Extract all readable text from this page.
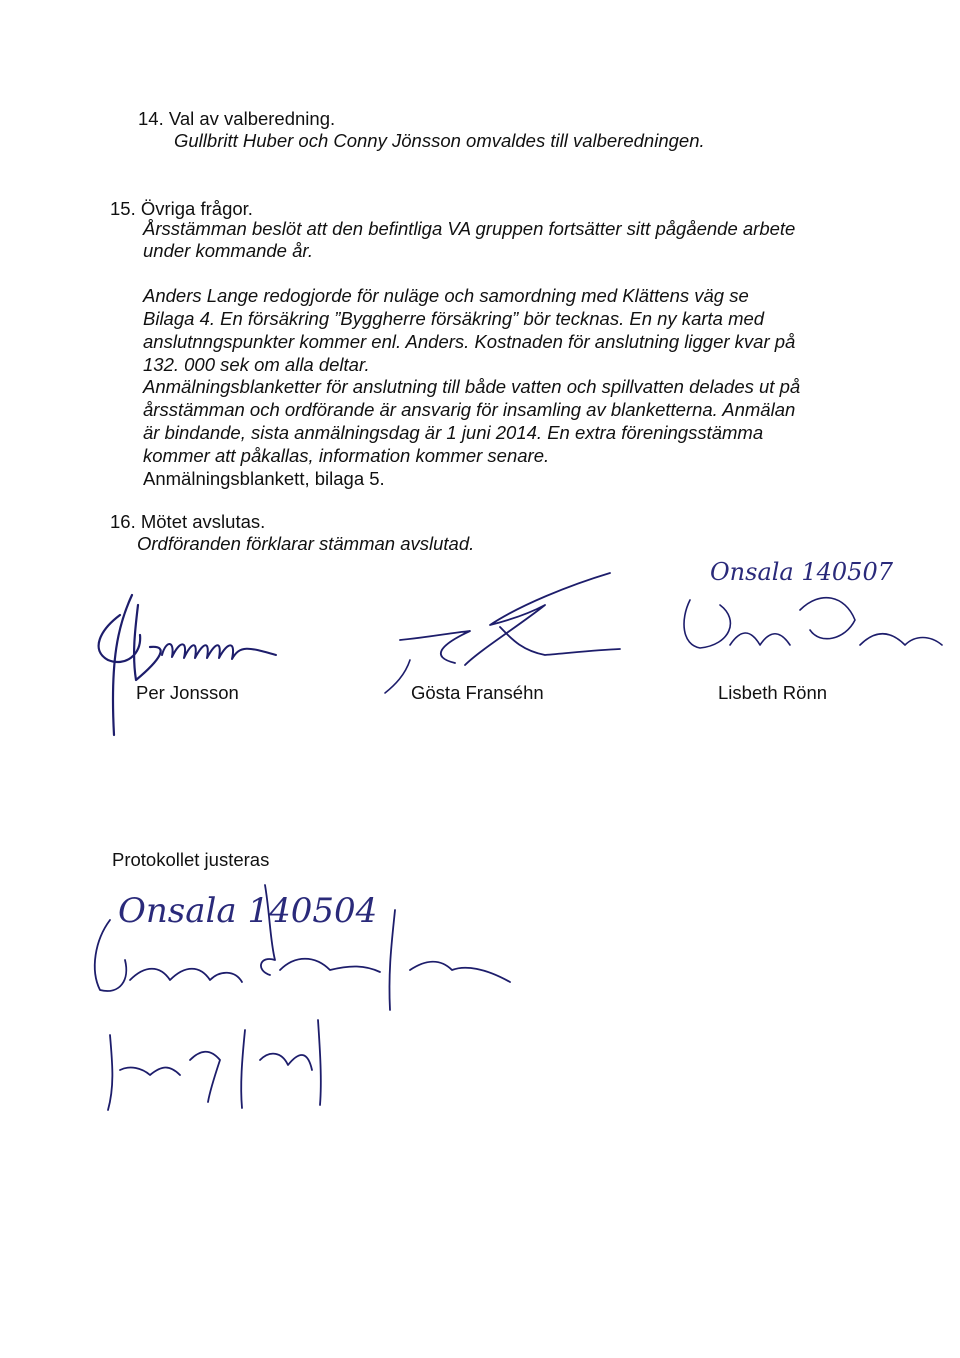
14. Val av valberedning.
Gullbritt Huber och Conny Jönsson omvaldes till valberedningen.
15. Övriga frågor.
Årsstämman beslöt att den befintliga VA gruppen fortsätter sitt pågående arbete
under kommande år.
Anders Lange redogjorde för nuläge och samordning med Klättens väg se
Bilaga 4. En försäkring ”Byggherre försäkring” bör tecknas. En ny karta med
anslutnngspunkter kommer enl. Anders. Kostnaden för anslutning ligger kvar på
132. 000 sek om alla deltar.
Anmälningsblanketter för anslutning till både vatten och spillvatten delades ut på
årsstämman och ordförande är ansvarig för insamling av blanketterna. Anmälan
är bindande, sista anmälningsdag är 1 juni 2014. En extra föreningsstämma
kommer att påkallas, information kommer senare.
Anmälningsblankett, bilaga 5.
16. Mötet avslutas.
Ordföranden förklarar stämman avslutad.
Per Jonsson	Gösta Franséhn
Onsala 140507
Lisbeth Rönn
Protokollet justeras
Onsala 140504
